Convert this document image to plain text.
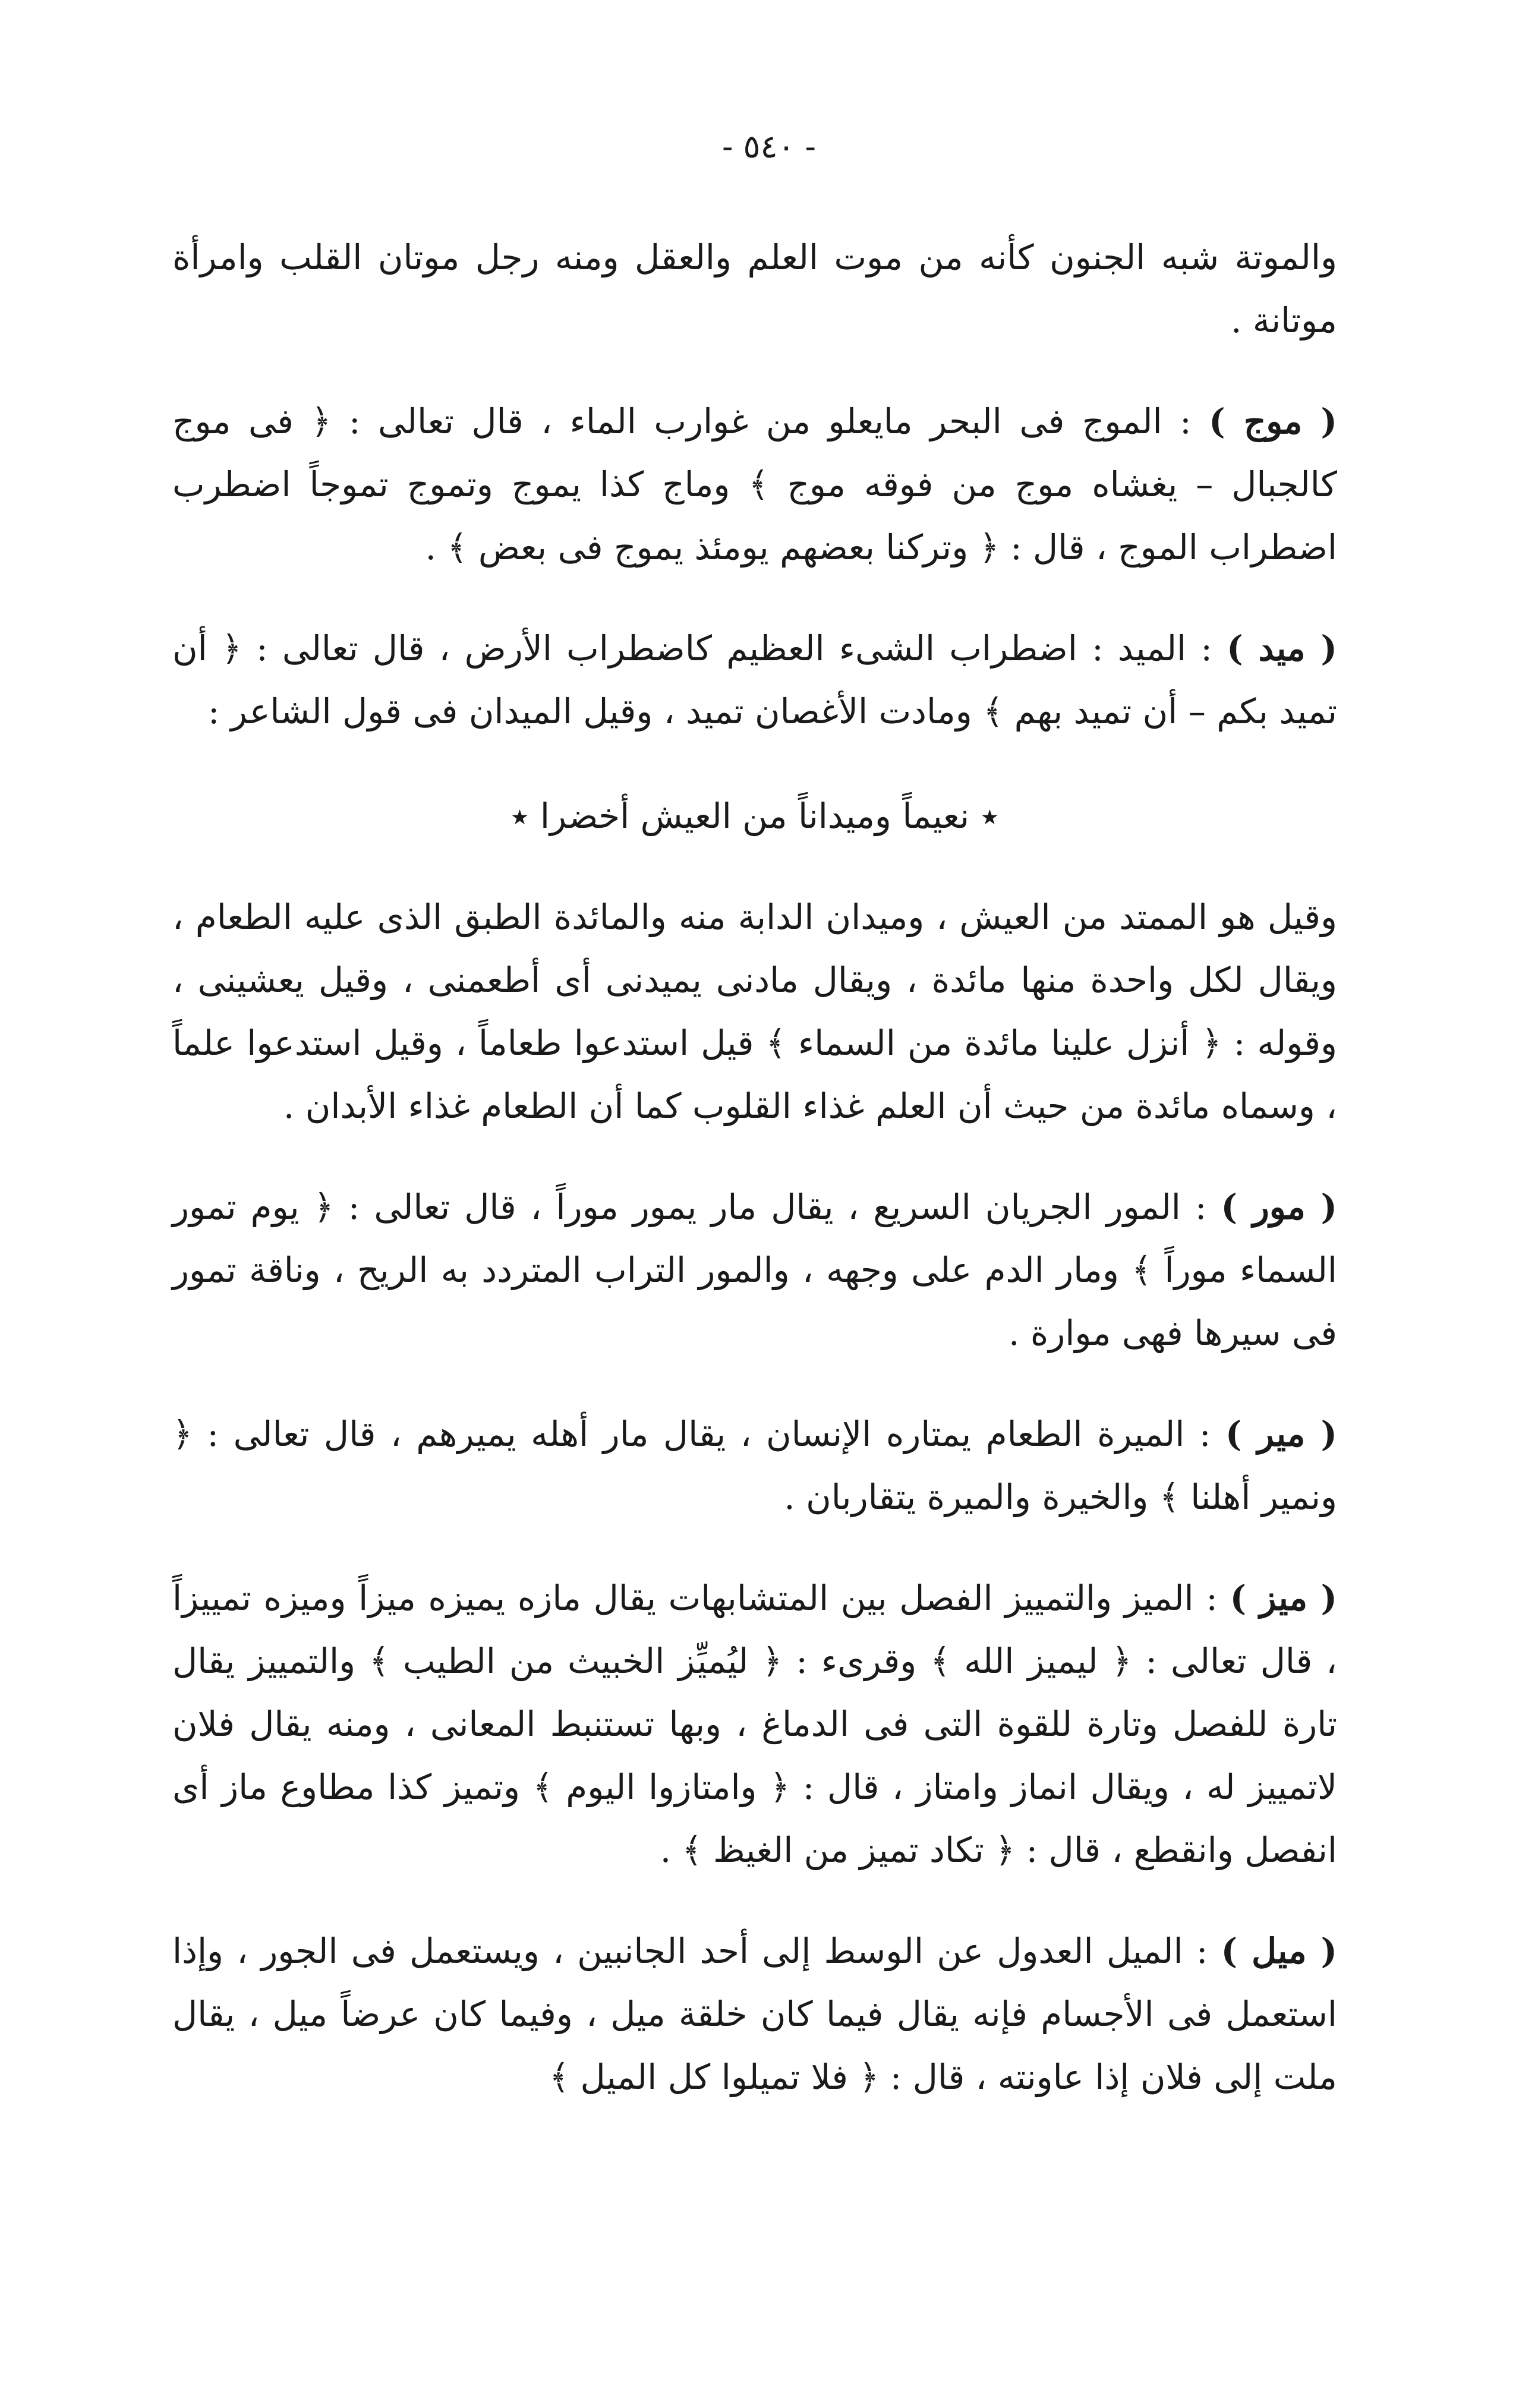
- ٥٤٠ -

والموتة شبه الجنون كأنه من موت العلم والعقل ومنه رجل موتان القلب وامرأة موتانة .

( موج ) : الموج فى البحر مايعلو من غوارب الماء ، قال تعالى : ﴿ فى موج كالجبال – يغشاه موج من فوقه موج ﴾ وماج كذا يموج وتموج تموجاً اضطرب اضطراب الموج ، قال : ﴿ وتركنا بعضهم يومئذ يموج فى بعض ﴾ .

( ميد ) : الميد : اضطراب الشىء العظيم كاضطراب الأرض ، قال تعالى : ﴿ أن تميد بكم – أن تميد بهم ﴾ ومادت الأغصان تميد ، وقيل الميدان فى قول الشاعر :

٭ نعيماً وميداناً من العيش أخضرا ٭

وقيل هو الممتد من العيش ، وميدان الدابة منه والمائدة الطبق الذى عليه الطعام ، ويقال لكل واحدة منها مائدة ، ويقال مادنى يميدنى أى أطعمنى ، وقيل يعشينى ، وقوله : ﴿ أنزل علينا مائدة من السماء ﴾ قيل استدعوا طعاماً ، وقيل استدعوا علماً ، وسماه مائدة من حيث أن العلم غذاء القلوب كما أن الطعام غذاء الأبدان .

( مور ) : المور الجريان السريع ، يقال مار يمور موراً ، قال تعالى : ﴿ يوم تمور السماء موراً ﴾ ومار الدم على وجهه ، والمور التراب المتردد به الريح ، وناقة تمور فى سيرها فهى موارة .

( مير ) : الميرة الطعام يمتاره الإنسان ، يقال مار أهله يميرهم ، قال تعالى : ﴿ ونمير أهلنا ﴾ والخيرة والميرة يتقاربان .

( ميز ) : الميز والتمييز الفصل بين المتشابهات يقال مازه يميزه ميزاً وميزه تمييزاً ، قال تعالى : ﴿ ليميز الله ﴾ وقرىء : ﴿ ليُميِّز الخبيث من الطيب ﴾ والتمييز يقال تارة للفصل وتارة للقوة التى فى الدماغ ، وبها تستنبط المعانى ، ومنه يقال فلان لاتمييز له ، ويقال انماز وامتاز ، قال : ﴿ وامتازوا اليوم ﴾ وتميز كذا مطاوع ماز أى انفصل وانقطع ، قال : ﴿ تكاد تميز من الغيظ ﴾ .

( ميل ) : الميل العدول عن الوسط إلى أحد الجانبين ، ويستعمل فى الجور ، وإذا استعمل فى الأجسام فإنه يقال فيما كان خلقة ميل ، وفيما كان عرضاً ميل ، يقال ملت إلى فلان إذا عاونته ، قال : ﴿ فلا تميلوا كل الميل ﴾
